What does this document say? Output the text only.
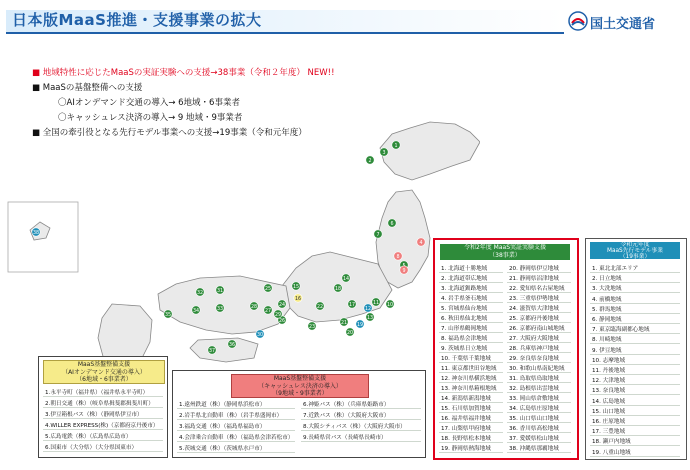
日本版MaaS推進・支援事業の拡大	国土交通省
1
2
3
4
6
7
8
9
10
11
12
13
14
15
16
17
18
19
20
21
22
23
24
25
26
27
28
29
30
31
32
33
34
35
36
37
38
■ 地域特性に応じたMaaSの実証実験への支援→38事業（令和２年度） NEW!!
■ MaaSの基盤整備への支援
〇AIオンデマンド交通の導入→ 6地域・6事業者
〇キャッシュレス決済の導入→ 9 地域・9事業者
■ 全国の牽引役となる先行モデル事業への支援→19事業（令和元年度）
MaaS基盤整備支援
（AIオンデマンド交通の導入）
（6地域・6事業者）
1.永平寺町（福井県）（福井県永平寺町）
2.朝日交通（株）（岐阜県揖斐郡揖斐川町）
3.伊豆箱根バス（株）（静岡県伊豆市）
4.WILLER EXPRESS(株)（京都府京丹後市）
5.広島電鉄（株）（広島県広島市）
6.国東市（大分県）（大分県国東市）
MaaS基盤整備支援
（キャッシュレス決済の導入）
（9地域・9事業者）
1.遠州鉄道（株）（静岡県浜松市）
2.岩手県北自動車（株）（岩手県盛岡市）
3.福島交通（株）（福島県福島市）
4.会津乗合自動車（株）（福島県会津若松市）
5.茨城交通（株）（茨城県水戸市）
6.神姫バス（株）（兵庫県姫路市）
7.近鉄バス（株）（大阪府大阪市）
8.大阪シティバス（株）（大阪府大阪市）
9.長崎県営バス（長崎県長崎市）
令和2年度 MaaS実証実験支援
（38事業）
1. 北海道十勝地域
2. 北海道帯広地域
3. 北海道釧路地域
4. 岩手県釜石地域
5. 宮城県仙台地域
6. 秋田県仙北地域
7. 山形県鶴岡地域
8. 福島県会津地域
9. 茨城県日立地域
10. 千葉県千葉地域
11. 東京都世田谷地域
12. 神奈川県横浜地域
13. 神奈川県箱根地域
14. 新潟県新潟地域
15. 石川県加賀地域
16. 福井県福井地域
17. 山梨県甲府地域
18. 長野県松本地域
19. 静岡県熱海地域
20. 静岡県伊豆地域
21. 静岡県沼津地域
22. 愛知県名古屋地域
23. 三重県伊勢地域
24. 滋賀県大津地域
25. 京都府丹後地域
26. 京都府南山城地域
27. 大阪府大阪地域
28. 兵庫県神戸地域
29. 奈良県奈良地域
30. 和歌山県南紀地域
31. 鳥取県鳥取地域
32. 島根県出雲地域
33. 岡山県倉敷地域
34. 広島県庄原地域
35. 山口県山口地域
36. 香川県高松地域
37. 愛媛県松山地域
38. 沖縄県那覇地域
令和元年度
MaaS先行モデル事業
（19事業）
1. 東北北部エリア
2. 日立地域
3. 大洗地域
4. 前橋地域
5. 群馬地域
6. 静岡地域
7. 東京臨海副都心地域
8. 川崎地域
9. 伊豆地域
10. 志摩地域
11. 丹後地域
12. 大津地域
13. 奈良地域
14. 広島地域
15. 山口地域
16. 庄原地域
17. 三豊地域
18. 瀬戸内地域
19. 八重山地域
